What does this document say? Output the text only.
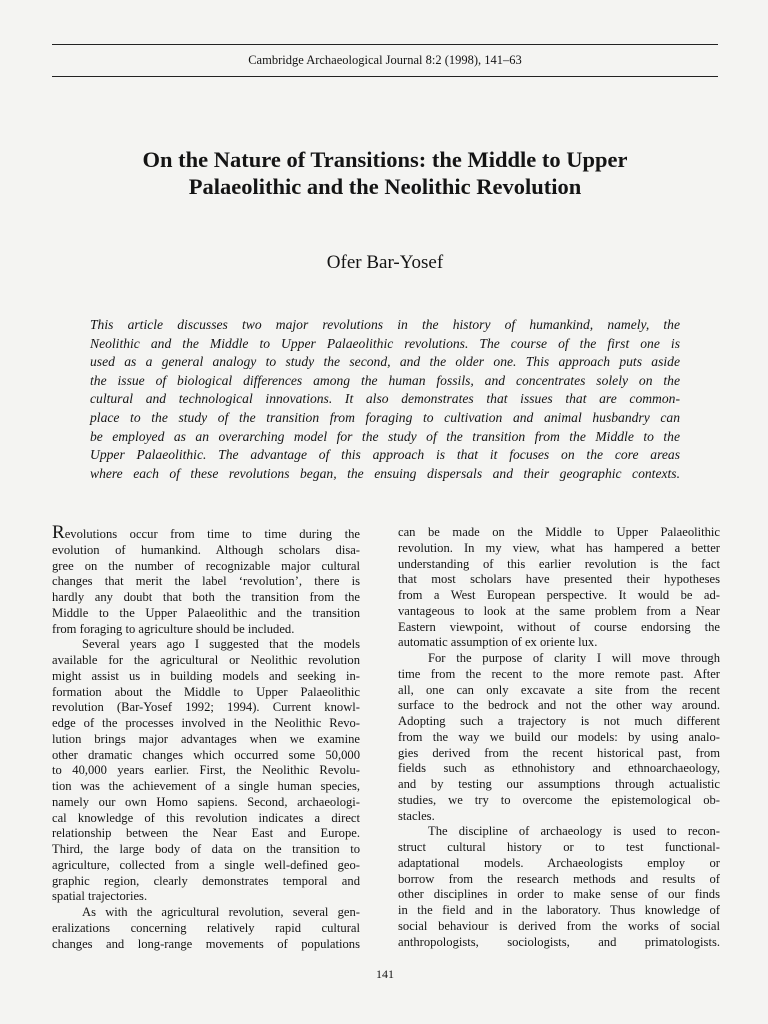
Cambridge Archaeological Journal 8:2 (1998), 141–63
On the Nature of Transitions: the Middle to Upper
Palaeolithic and the Neolithic Revolution
Ofer Bar-Yosef
This article discusses two major revolutions in the history of humankind, namely, the
Neolithic and the Middle to Upper Palaeolithic revolutions. The course of the first one is
used as a general analogy to study the second, and the older one. This approach puts aside
the issue of biological differences among the human fossils, and concentrates solely on the
cultural and technological innovations. It also demonstrates that issues that are common-
place to the study of the transition from foraging to cultivation and animal husbandry can
be employed as an overarching model for the study of the transition from the Middle to the
Upper Palaeolithic. The advantage of this approach is that it focuses on the core areas
where each of these revolutions began, the ensuing dispersals and their geographic contexts.
Revolutions occur from time to time during the
evolution of humankind. Although scholars disa-
gree on the number of recognizable major cultural
changes that merit the label ‘revolution’, there is
hardly any doubt that both the transition from the
Middle to the Upper Palaeolithic and the transition
from foraging to agriculture should be included.
Several years ago I suggested that the models
available for the agricultural or Neolithic revolution
might assist us in building models and seeking in-
formation about the Middle to Upper Palaeolithic
revolution (Bar-Yosef 1992; 1994). Current knowl-
edge of the processes involved in the Neolithic Revo-
lution brings major advantages when we examine
other dramatic changes which occurred some 50,000
to 40,000 years earlier. First, the Neolithic Revolu-
tion was the achievement of a single human species,
namely our own Homo sapiens. Second, archaeologi-
cal knowledge of this revolution indicates a direct
relationship between the Near East and Europe.
Third, the large body of data on the transition to
agriculture, collected from a single well-defined geo-
graphic region, clearly demonstrates temporal and
spatial trajectories.
As with the agricultural revolution, several gen-
eralizations concerning relatively rapid cultural
changes and long-range movements of populations
can be made on the Middle to Upper Palaeolithic
revolution. In my view, what has hampered a better
understanding of this earlier revolution is the fact
that most scholars have presented their hypotheses
from a West European perspective. It would be ad-
vantageous to look at the same problem from a Near
Eastern viewpoint, without of course endorsing the
automatic assumption of ex oriente lux.
For the purpose of clarity I will move through
time from the recent to the more remote past. After
all, one can only excavate a site from the recent
surface to the bedrock and not the other way around.
Adopting such a trajectory is not much different
from the way we build our models: by using analo-
gies derived from the recent historical past, from
fields such as ethnohistory and ethnoarchaeology,
and by testing our assumptions through actualistic
studies, we try to overcome the epistemological ob-
stacles.
The discipline of archaeology is used to recon-
struct cultural history or to test functional-
adaptational models. Archaeologists employ or
borrow from the research methods and results of
other disciplines in order to make sense of our finds
in the field and in the laboratory. Thus knowledge of
social behaviour is derived from the works of social
anthropologists, sociologists, and primatologists.
141
